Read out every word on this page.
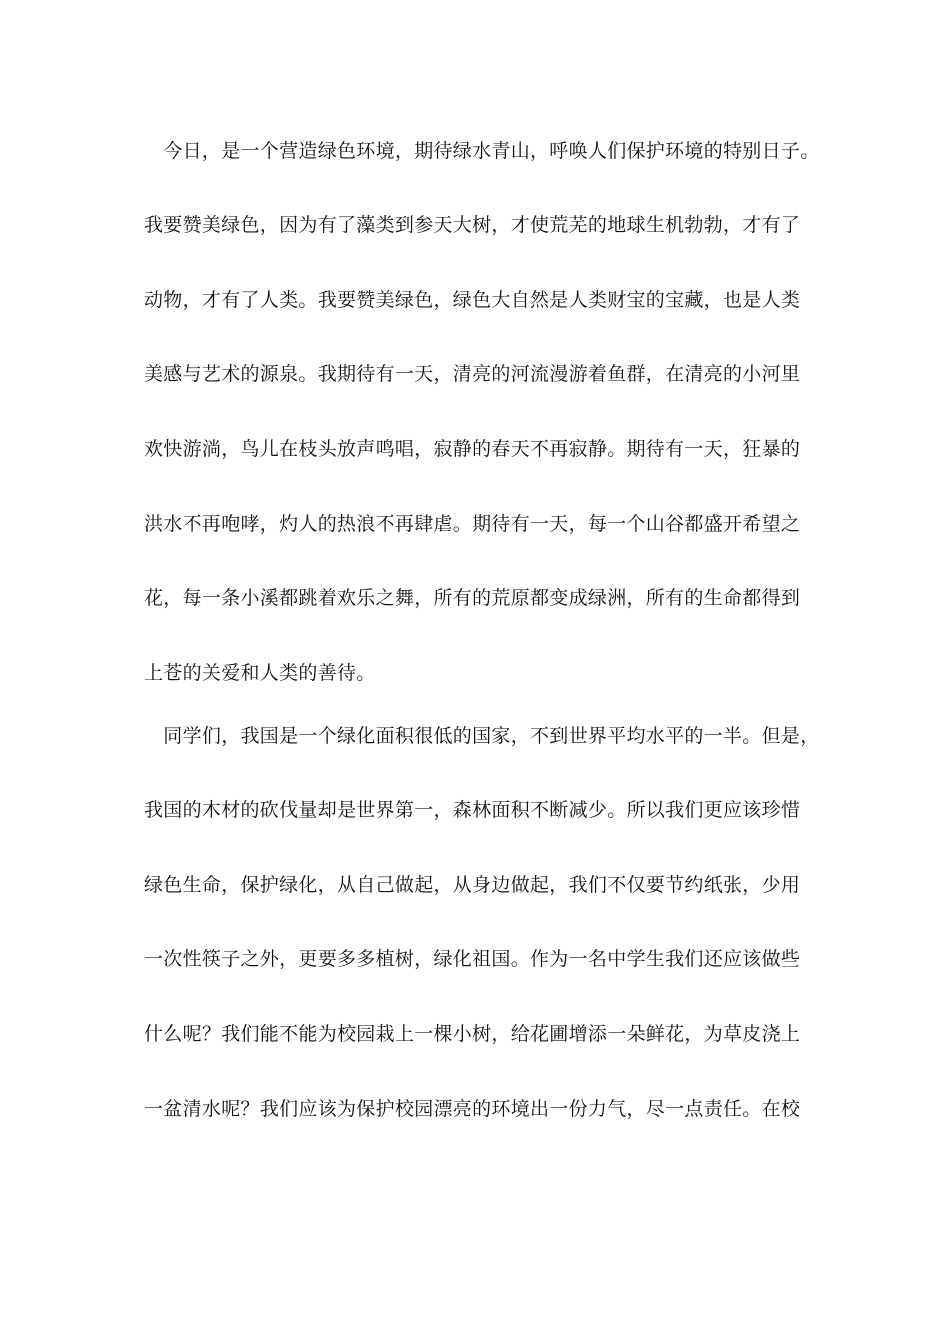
　今日，是一个营造绿色环境，期待绿水青山，呼唤人们保护环境的特别日子。
我要赞美绿色，因为有了藻类到参天大树，才使荒芜的地球生机勃勃，才有了
动物，才有了人类。我要赞美绿色，绿色大自然是人类财宝的宝藏，也是人类
美感与艺术的源泉。我期待有一天，清亮的河流漫游着鱼群，在清亮的小河里
欢快游淌，鸟儿在枝头放声鸣唱，寂静的春天不再寂静。期待有一天，狂暴的
洪水不再咆哮，灼人的热浪不再肆虐。期待有一天，每一个山谷都盛开希望之
花，每一条小溪都跳着欢乐之舞，所有的荒原都变成绿洲，所有的生命都得到
上苍的关爱和人类的善待。
　同学们，我国是一个绿化面积很低的国家，不到世界平均水平的一半。但是，
我国的木材的砍伐量却是世界第一，森林面积不断减少。所以我们更应该珍惜
绿色生命，保护绿化，从自己做起，从身边做起，我们不仅要节约纸张，少用
一次性筷子之外，更要多多植树，绿化祖国。作为一名中学生我们还应该做些
什么呢？我们能不能为校园栽上一棵小树，给花圃增添一朵鲜花，为草皮浇上
一盆清水呢？我们应该为保护校园漂亮的环境出一份力气，尽一点责任。在校
